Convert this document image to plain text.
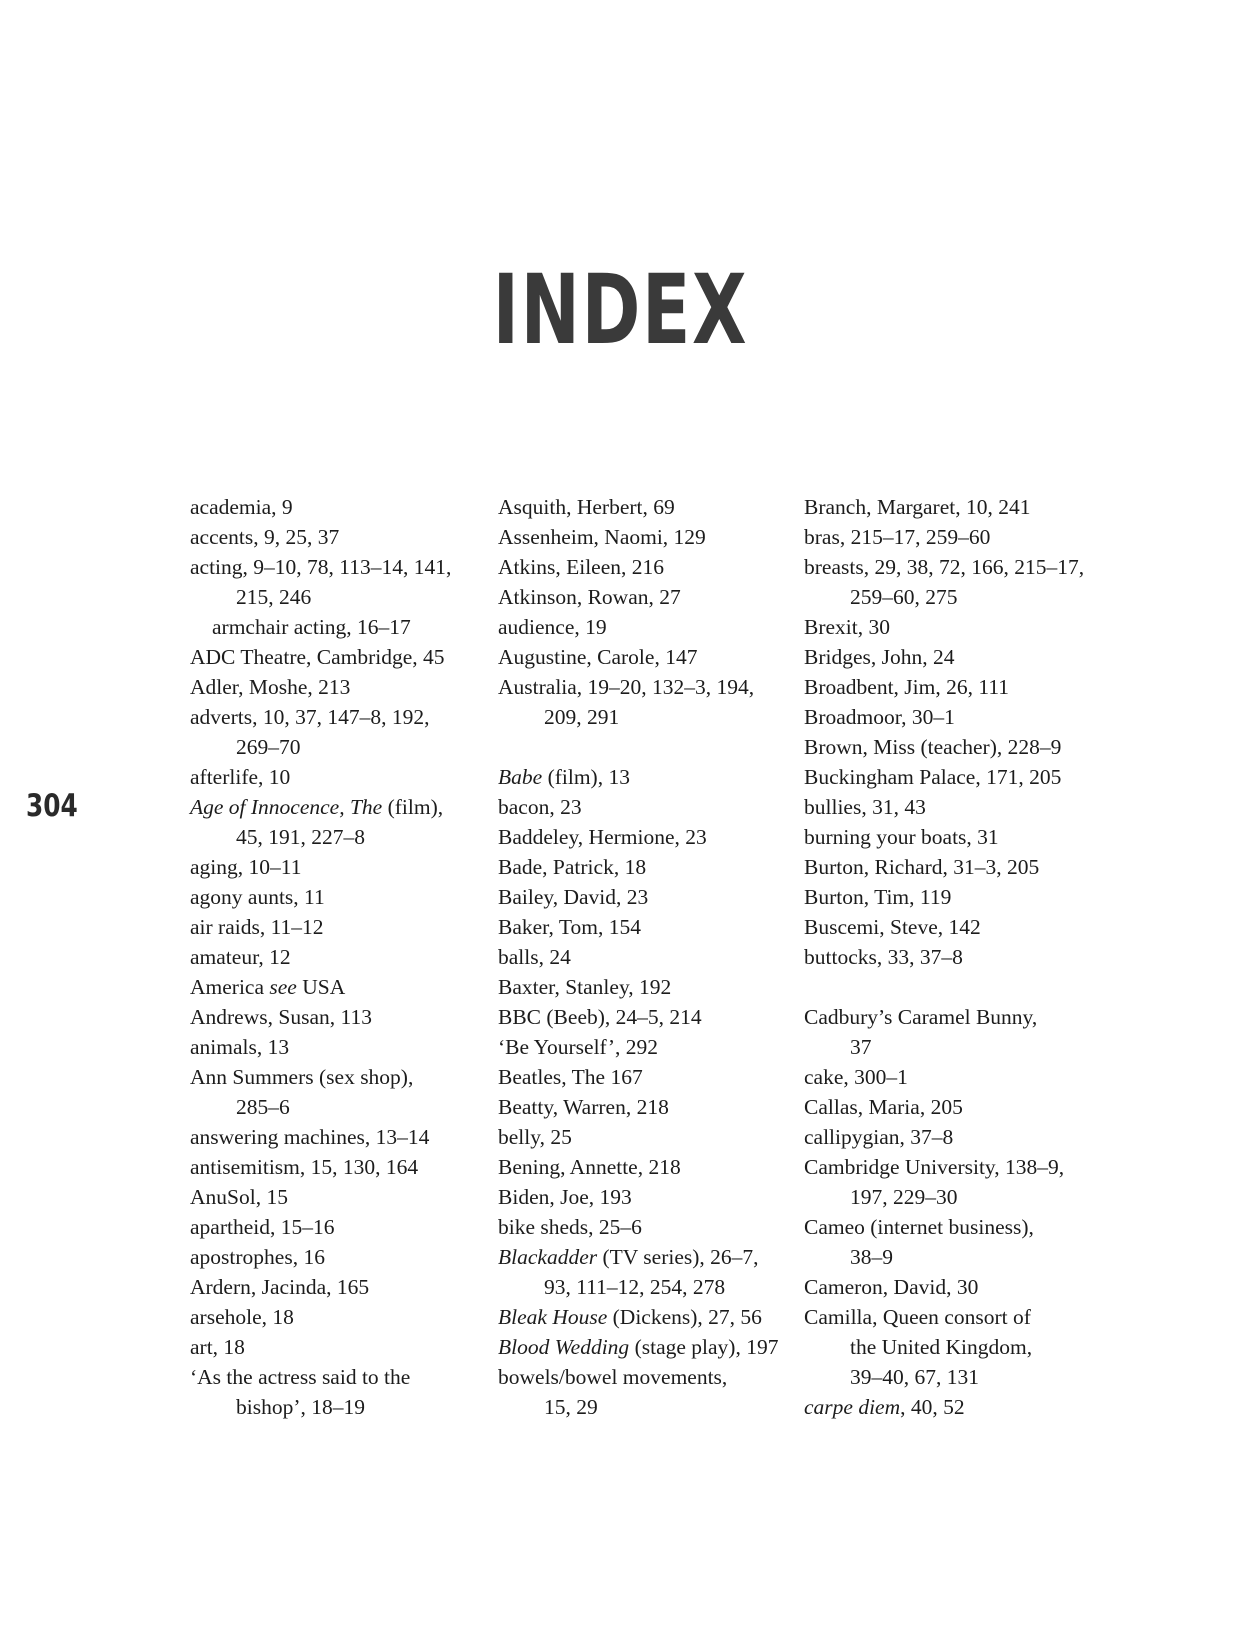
INDEX
304
academia, 9
accents, 9, 25, 37
acting, 9–10, 78, 113–14, 141,
215, 246
armchair acting, 16–17
ADC Theatre, Cambridge, 45
Adler, Moshe, 213
adverts, 10, 37, 147–8, 192,
269–70
afterlife, 10
Age of Innocence, The (film),
45, 191, 227–8
aging, 10–11
agony aunts, 11
air raids, 11–12
amateur, 12
America see USA
Andrews, Susan, 113
animals, 13
Ann Summers (sex shop),
285–6
answering machines, 13–14
antisemitism, 15, 130, 164
AnuSol, 15
apartheid, 15–16
apostrophes, 16
Ardern, Jacinda, 165
arsehole, 18
art, 18
‘As the actress said to the
bishop’, 18–19
Asquith, Herbert, 69
Assenheim, Naomi, 129
Atkins, Eileen, 216
Atkinson, Rowan, 27
audience, 19
Augustine, Carole, 147
Australia, 19–20, 132–3, 194,
209, 291
Babe (film), 13
bacon, 23
Baddeley, Hermione, 23
Bade, Patrick, 18
Bailey, David, 23
Baker, Tom, 154
balls, 24
Baxter, Stanley, 192
BBC (Beeb), 24–5, 214
‘Be Yourself’, 292
Beatles, The 167
Beatty, Warren, 218
belly, 25
Bening, Annette, 218
Biden, Joe, 193
bike sheds, 25–6
Blackadder (TV series), 26–7,
93, 111–12, 254, 278
Bleak House (Dickens), 27, 56
Blood Wedding (stage play), 197
bowels/bowel movements,
15, 29
Branch, Margaret, 10, 241
bras, 215–17, 259–60
breasts, 29, 38, 72, 166, 215–17,
259–60, 275
Brexit, 30
Bridges, John, 24
Broadbent, Jim, 26, 111
Broadmoor, 30–1
Brown, Miss (teacher), 228–9
Buckingham Palace, 171, 205
bullies, 31, 43
burning your boats, 31
Burton, Richard, 31–3, 205
Burton, Tim, 119
Buscemi, Steve, 142
buttocks, 33, 37–8
Cadbury’s Caramel Bunny,
37
cake, 300–1
Callas, Maria, 205
callipygian, 37–8
Cambridge University, 138–9,
197, 229–30
Cameo (internet business),
38–9
Cameron, David, 30
Camilla, Queen consort of
the United Kingdom,
39–40, 67, 131
carpe diem, 40, 52
